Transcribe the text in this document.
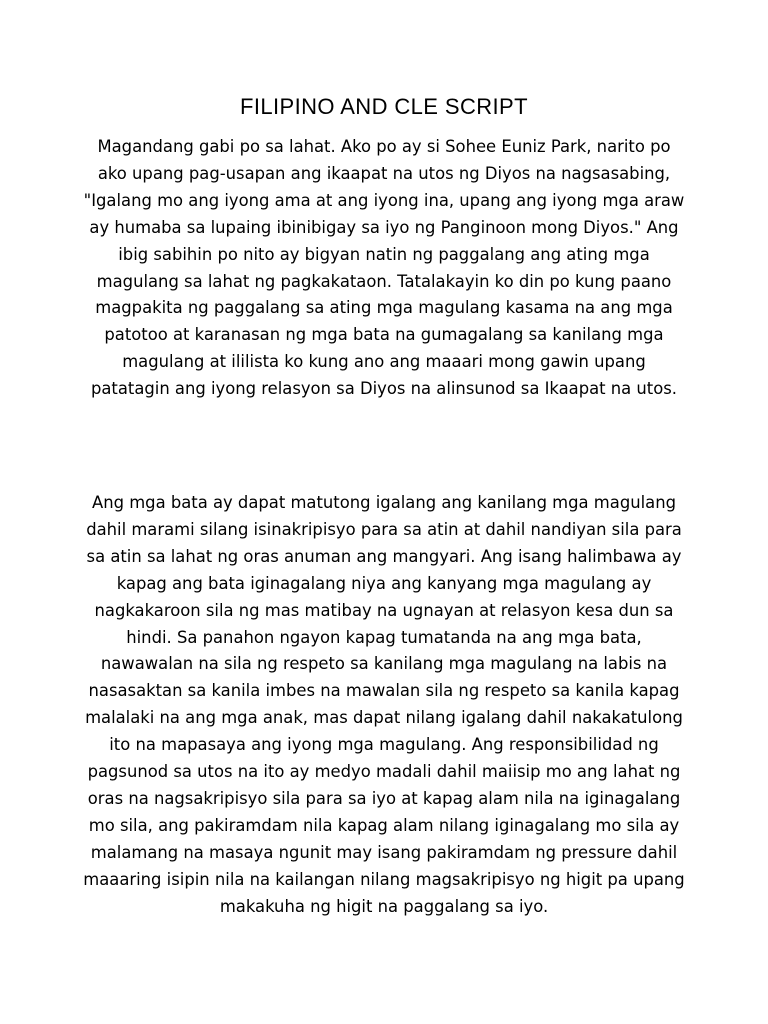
FILIPINO AND CLE SCRIPT

Magandang gabi po sa lahat. Ako po ay si Sohee Euniz Park, narito po
ako upang pag-usapan ang ikaapat na utos ng Diyos na nagsasabing,
"Igalang mo ang iyong ama at ang iyong ina, upang ang iyong mga araw
ay humaba sa lupaing ibinibigay sa iyo ng Panginoon mong Diyos." Ang
ibig sabihin po nito ay bigyan natin ng paggalang ang ating mga
magulang sa lahat ng pagkakataon. Tatalakayin ko din po kung paano
magpakita ng paggalang sa ating mga magulang kasama na ang mga
patotoo at karanasan ng mga bata na gumagalang sa kanilang mga
magulang at ililista ko kung ano ang maaari mong gawin upang
patatagin ang iyong relasyon sa Diyos na alinsunod sa Ikaapat na utos.

Ang mga bata ay dapat matutong igalang ang kanilang mga magulang
dahil marami silang isinakripisyo para sa atin at dahil nandiyan sila para
sa atin sa lahat ng oras anuman ang mangyari. Ang isang halimbawa ay
kapag ang bata iginagalang niya ang kanyang mga magulang ay
nagkakaroon sila ng mas matibay na ugnayan at relasyon kesa dun sa
hindi. Sa panahon ngayon kapag tumatanda na ang mga bata,
nawawalan na sila ng respeto sa kanilang mga magulang na labis na
nasasaktan sa kanila imbes na mawalan sila ng respeto sa kanila kapag
malalaki na ang mga anak, mas dapat nilang igalang dahil nakakatulong
ito na mapasaya ang iyong mga magulang. Ang responsibilidad ng
pagsunod sa utos na ito ay medyo madali dahil maiisip mo ang lahat ng
oras na nagsakripisyo sila para sa iyo at kapag alam nila na iginagalang
mo sila, ang pakiramdam nila kapag alam nilang iginagalang mo sila ay
malamang na masaya ngunit may isang pakiramdam ng pressure dahil
maaaring isipin nila na kailangan nilang magsakripisyo ng higit pa upang
makakuha ng higit na paggalang sa iyo.
